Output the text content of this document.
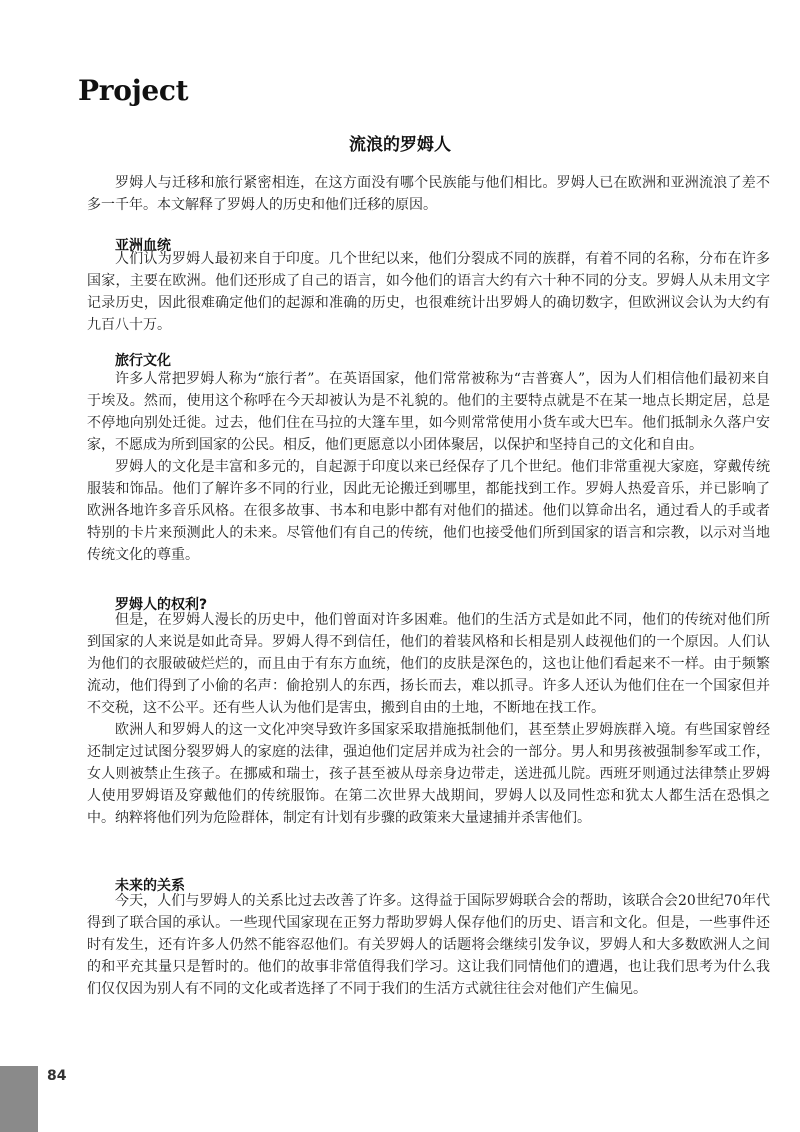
Project
流浪的罗姆人

罗姆人与迁移和旅行紧密相连，在这方面没有哪个民族能与他们相比。罗姆人已在欧洲和亚洲流浪了差不多一千年。本文解释了罗姆人的历史和他们迁移的原因。

亚洲血统

人们认为罗姆人最初来自于印度。几个世纪以来，他们分裂成不同的族群，有着不同的名称，分布在许多国家，主要在欧洲。他们还形成了自己的语言，如今他们的语言大约有六十种不同的分支。罗姆人从未用文字记录历史，因此很难确定他们的起源和准确的历史，也很难统计出罗姆人的确切数字，但欧洲议会认为大约有九百八十万。

旅行文化

许多人常把罗姆人称为“旅行者”。在英语国家，他们常常被称为“吉普赛人”，因为人们相信他们最初来自于埃及。然而，使用这个称呼在今天却被认为是不礼貌的。他们的主要特点就是不在某一地点长期定居，总是不停地向别处迁徙。过去，他们住在马拉的大篷车里，如今则常常使用小货车或大巴车。他们抵制永久落户安家，不愿成为所到国家的公民。相反，他们更愿意以小团体聚居，以保护和坚持自己的文化和自由。

罗姆人的文化是丰富和多元的，自起源于印度以来已经保存了几个世纪。他们非常重视大家庭，穿戴传统服装和饰品。他们了解许多不同的行业，因此无论搬迁到哪里，都能找到工作。罗姆人热爱音乐，并已影响了欧洲各地许多音乐风格。在很多故事、书本和电影中都有对他们的描述。他们以算命出名，通过看人的手或者特别的卡片来预测此人的未来。尽管他们有自己的传统，他们也接受他们所到国家的语言和宗教，以示对当地传统文化的尊重。

罗姆人的权利?

但是，在罗姆人漫长的历史中，他们曾面对许多困难。他们的生活方式是如此不同，他们的传统对他们所到国家的人来说是如此奇异。罗姆人得不到信任，他们的着装风格和长相是别人歧视他们的一个原因。人们认为他们的衣服破破烂烂的，而且由于有东方血统，他们的皮肤是深色的，这也让他们看起来不一样。由于频繁流动，他们得到了小偷的名声：偷抢别人的东西，扬长而去，难以抓寻。许多人还认为他们住在一个国家但并不交税，这不公平。还有些人认为他们是害虫，搬到自由的土地，不断地在找工作。

欧洲人和罗姆人的这一文化冲突导致许多国家采取措施抵制他们，甚至禁止罗姆族群入境。有些国家曾经还制定过试图分裂罗姆人的家庭的法律，强迫他们定居并成为社会的一部分。男人和男孩被强制参军或工作，女人则被禁止生孩子。在挪威和瑞士，孩子甚至被从母亲身边带走，送进孤儿院。西班牙则通过法律禁止罗姆人使用罗姆语及穿戴他们的传统服饰。在第二次世界大战期间，罗姆人以及同性恋和犹太人都生活在恐惧之中。纳粹将他们列为危险群体，制定有计划有步骤的政策来大量逮捕并杀害他们。

未来的关系

今天，人们与罗姆人的关系比过去改善了许多。这得益于国际罗姆联合会的帮助，该联合会20世纪70年代得到了联合国的承认。一些现代国家现在正努力帮助罗姆人保存他们的历史、语言和文化。但是，一些事件还时有发生，还有许多人仍然不能容忍他们。有关罗姆人的话题将会继续引发争议，罗姆人和大多数欧洲人之间的和平充其量只是暂时的。他们的故事非常值得我们学习。这让我们同情他们的遭遇，也让我们思考为什么我们仅仅因为别人有不同的文化或者选择了不同于我们的生活方式就往往会对他们产生偏见。

84
